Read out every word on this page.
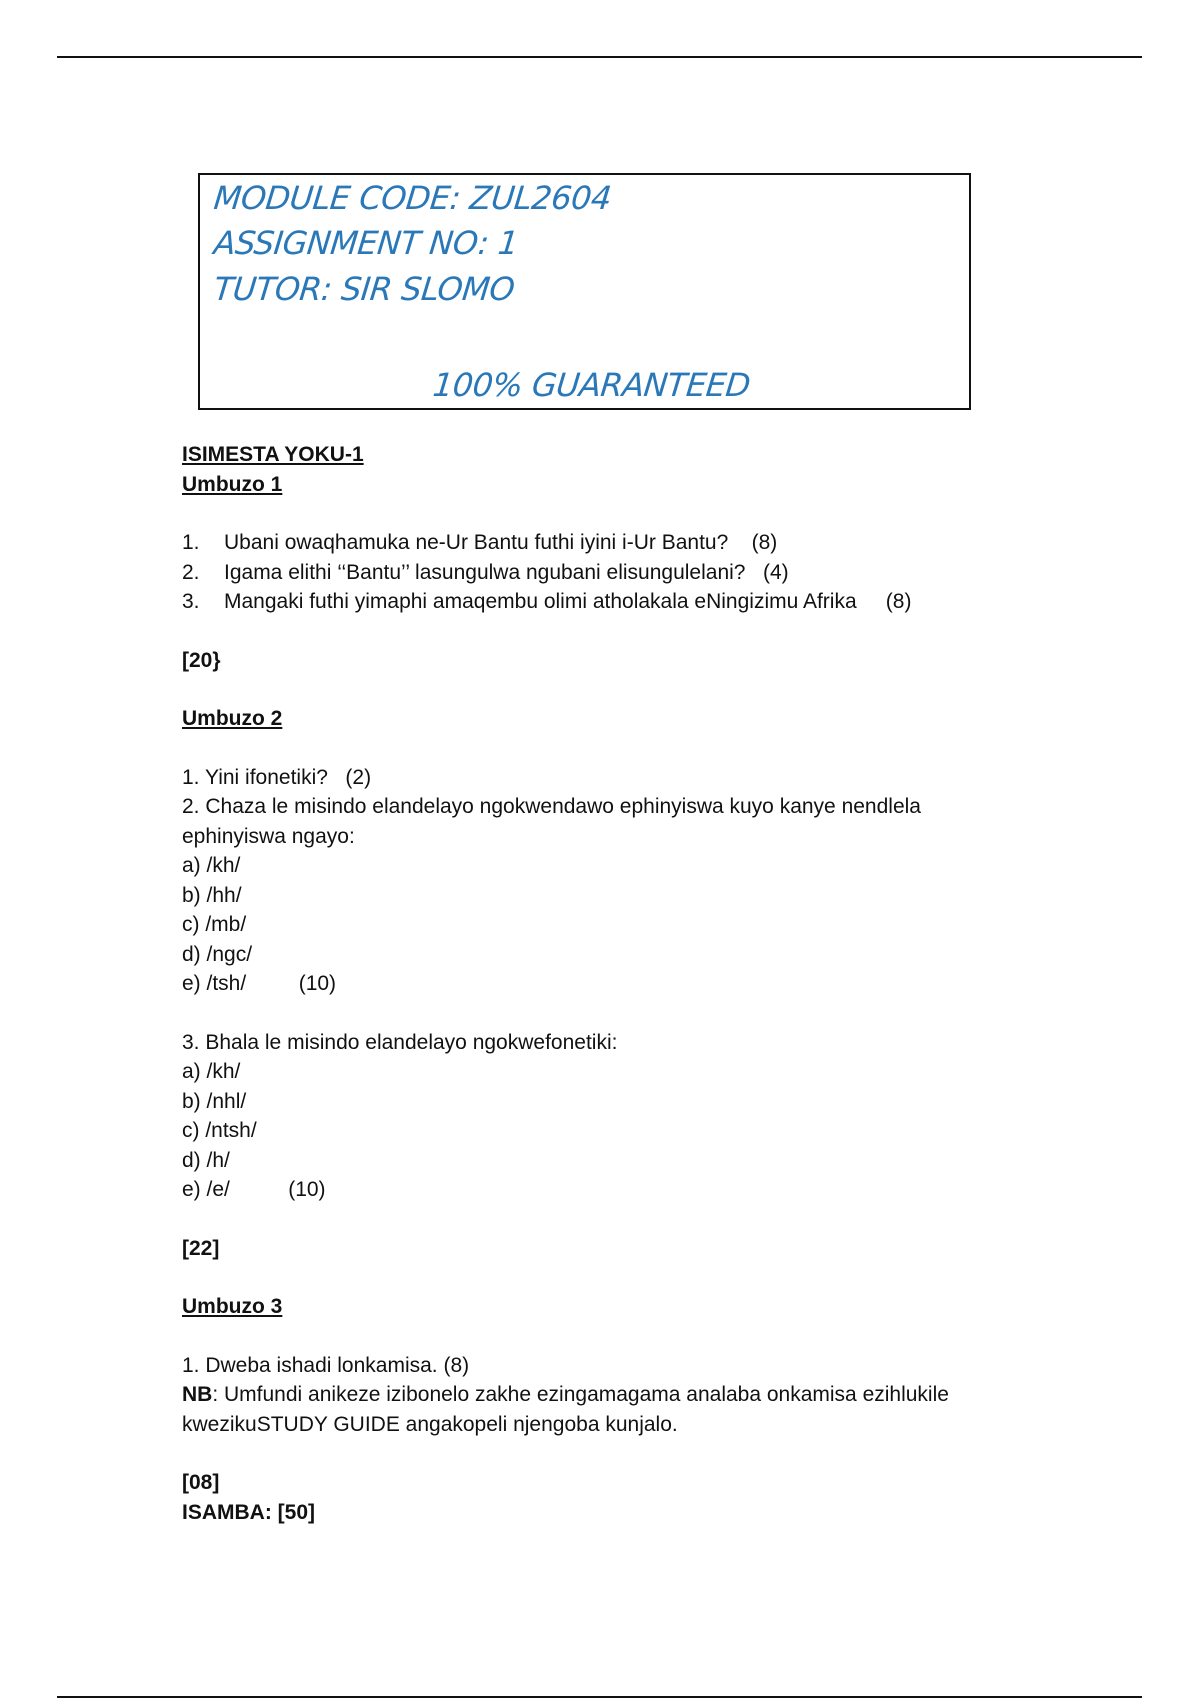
MODULE CODE: ZUL2604
ASSIGNMENT NO: 1
TUTOR: SIR SLOMO
100% GUARANTEED
ISIMESTA YOKU-1
Umbuzo 1
1. Ubani owaqhamuka ne-Ur Bantu futhi iyini i-Ur Bantu?    (8)
2. Igama elithi ‘‘Bantu’’ lasungulwa ngubani elisungulelani?   (4)
3. Mangaki futhi yimaphi amaqembu olimi atholakala eNingizimu Afrika     (8)
[20}
Umbuzo 2
1. Yini ifonetiki?   (2)
2. Chaza le misindo elandelayo ngokwendawo ephinyiswa kuyo kanye nendlela
ephinyiswa ngayo:
a) /kh/
b) /hh/
c) /mb/
d) /ngc/
e) /tsh/         (10)
3. Bhala le misindo elandelayo ngokwefonetiki:
a) /kh/
b) /nhl/
c) /ntsh/
d) /h/
e) /e/          (10)
[22]
Umbuzo 3
1. Dweba ishadi lonkamisa. (8)
NB: Umfundi anikeze izibonelo zakhe ezingamagama analaba onkamisa ezihlukile
kwezikuSTUDY GUIDE angakopeli njengoba kunjalo.
[08]
ISAMBA: [50]
